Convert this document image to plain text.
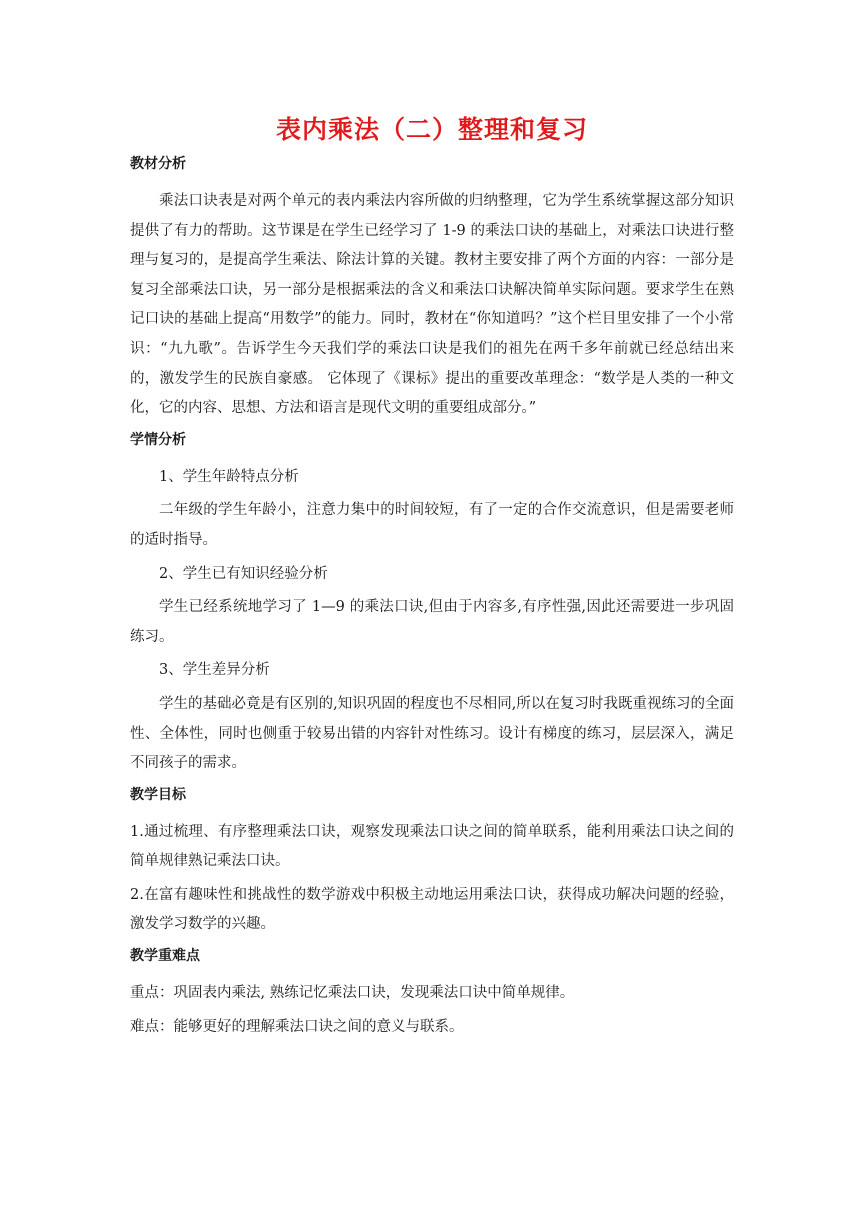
表内乘法（二）整理和复习
教材分析

乘法口诀表是对两个单元的表内乘法内容所做的归纳整理，它为学生系统掌握这部分知识提供了有力的帮助。这节课是在学生已经学习了 1-9 的乘法口诀的基础上，对乘法口诀进行整理与复习的，是提高学生乘法、除法计算的关键。教材主要安排了两个方面的内容：一部分是复习全部乘法口诀，另一部分是根据乘法的含义和乘法口诀解决简单实际问题。要求学生在熟记口诀的基础上提高“用数学”的能力。同时，教材在“你知道吗？”这个栏目里安排了一个小常识：“九九歌”。告诉学生今天我们学的乘法口诀是我们的祖先在两千多年前就已经总结出来的，激发学生的民族自豪感。 它体现了《课标》提出的重要改革理念：“数学是人类的一种文化，它的内容、思想、方法和语言是现代文明的重要组成部分。”

学情分析

1、学生年龄特点分析

二年级的学生年龄小，注意力集中的时间较短，有了一定的合作交流意识，但是需要老师的适时指导。

2、学生已有知识经验分析

学生已经系统地学习了 1—9 的乘法口诀,但由于内容多,有序性强,因此还需要进一步巩固练习。

3、学生差异分析

学生的基础必竟是有区别的,知识巩固的程度也不尽相同,所以在复习时我既重视练习的全面性、全体性，同时也侧重于较易出错的内容针对性练习。设计有梯度的练习，层层深入，满足不同孩子的需求。

教学目标

1.通过梳理、有序整理乘法口诀，观察发现乘法口诀之间的简单联系，能利用乘法口诀之间的简单规律熟记乘法口诀。

2.在富有趣味性和挑战性的数学游戏中积极主动地运用乘法口诀，获得成功解决问题的经验，激发学习数学的兴趣。

教学重难点

重点：巩固表内乘法, 熟练记忆乘法口诀，发现乘法口诀中简单规律。

难点：能够更好的理解乘法口诀之间的意义与联系。
